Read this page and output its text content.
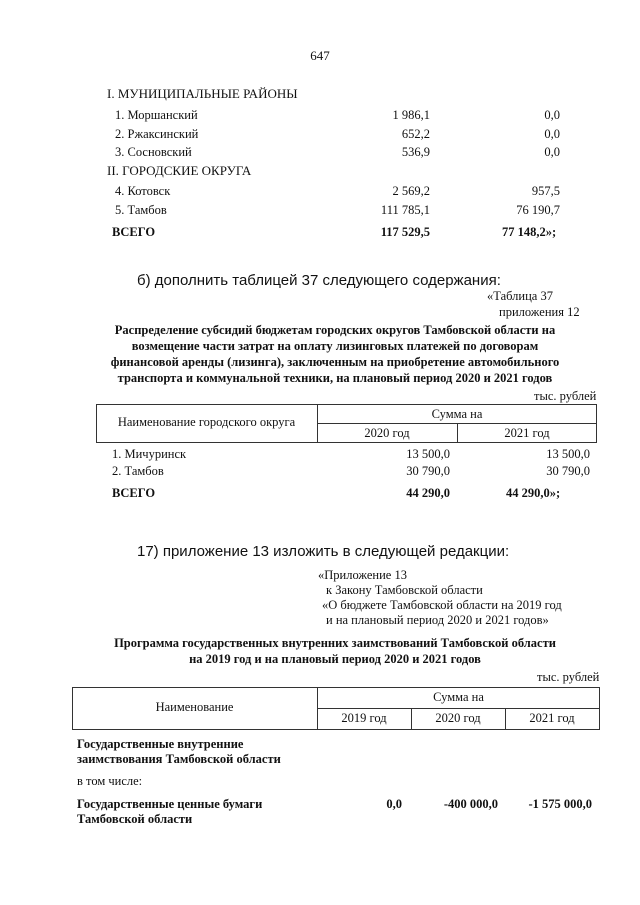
647
I. МУНИЦИПАЛЬНЫЕ РАЙОНЫ
1. Моршанский	1 986,1	0,0
2. Ржаксинский	652,2	0,0
3. Сосновский	536,9	0,0
II. ГОРОДСКИЕ ОКРУГА
4. Котовск	2 569,2	957,5
5. Тамбов	111 785,1	76 190,7
ВСЕГО	117 529,5	77 148,2»;
б) дополнить таблицей 37 следующего содержания:
«Таблица 37
приложения 12
Распределение субсидий бюджетам городских округов Тамбовской области на
возмещение части затрат на оплату лизинговых платежей по договорам
финансовой аренды (лизинга), заключенным на приобретение автомобильного
транспорта и коммунальной техники, на плановый период 2020 и 2021 годов
тыс. рублей
Наименование городского округа
Сумма на
2020 год	2021 год
1. Мичуринск	13 500,0	13 500,0
2. Тамбов	30 790,0	30 790,0
ВСЕГО	44 290,0	44 290,0»;
17) приложение 13 изложить в следующей редакции:
«Приложение 13
к Закону Тамбовской области
«О бюджете Тамбовской области на 2019 год
и на плановый период 2020 и 2021 годов»
Программа государственных внутренних заимствований Тамбовской области
на 2019 год и на плановый период 2020 и 2021 годов
тыс. рублей
Наименование
Сумма на
2019 год	2020 год	2021 год
Государственные внутренние
заимствования Тамбовской области
в том числе:
Государственные ценные бумаги
Тамбовской области
0,0	-400 000,0	-1 575 000,0
